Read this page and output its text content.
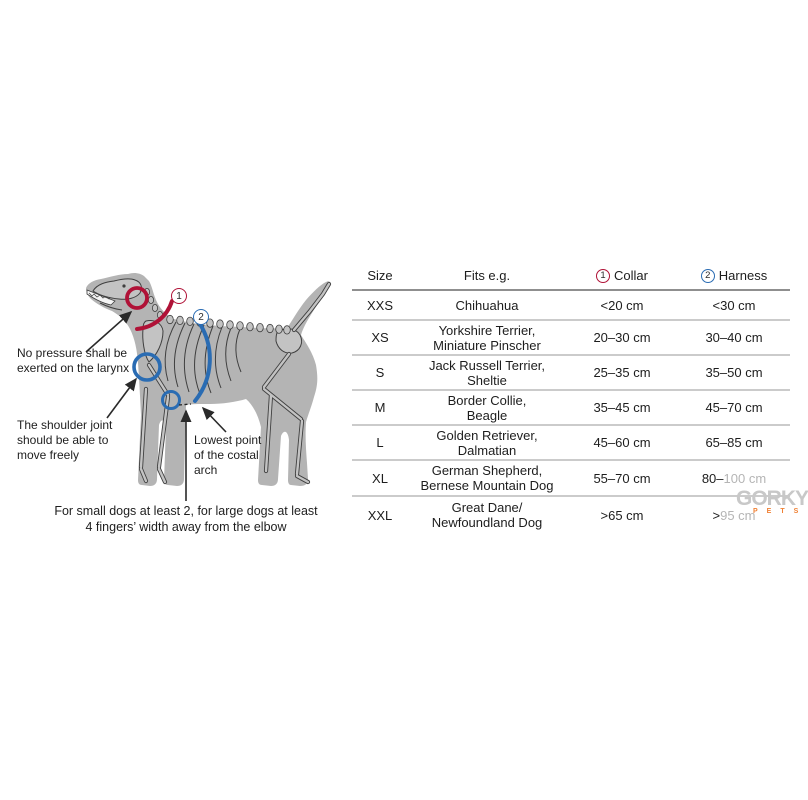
1
2
No pressure shall be
exerted on the larynx
The shoulder joint
should be able to
move freely
Lowest point
of the costal
arch
For small dogs at least 2, for large dogs at least
4 fingers’ width away from the elbow
Size	Fits e.g.	1 Collar	2 Harness
XXS	Chihuahua	<20 cm	<30 cm
XS	Yorkshire Terrier,
Miniature Pinscher	20–30 cm	30–40 cm
S	Jack Russell Terrier,
Sheltie	25–35 cm	35–50 cm
M	Border Collie,
Beagle	35–45 cm	45–70 cm
L	Golden Retriever,
Dalmatian	45–60 cm	65–85 cm
XL	German Shepherd,
Bernese Mountain Dog	55–70 cm	80–100 cm
XXL	Great Dane/
Newfoundland Dog	>65 cm	>95 cm
GORKY
PETS
